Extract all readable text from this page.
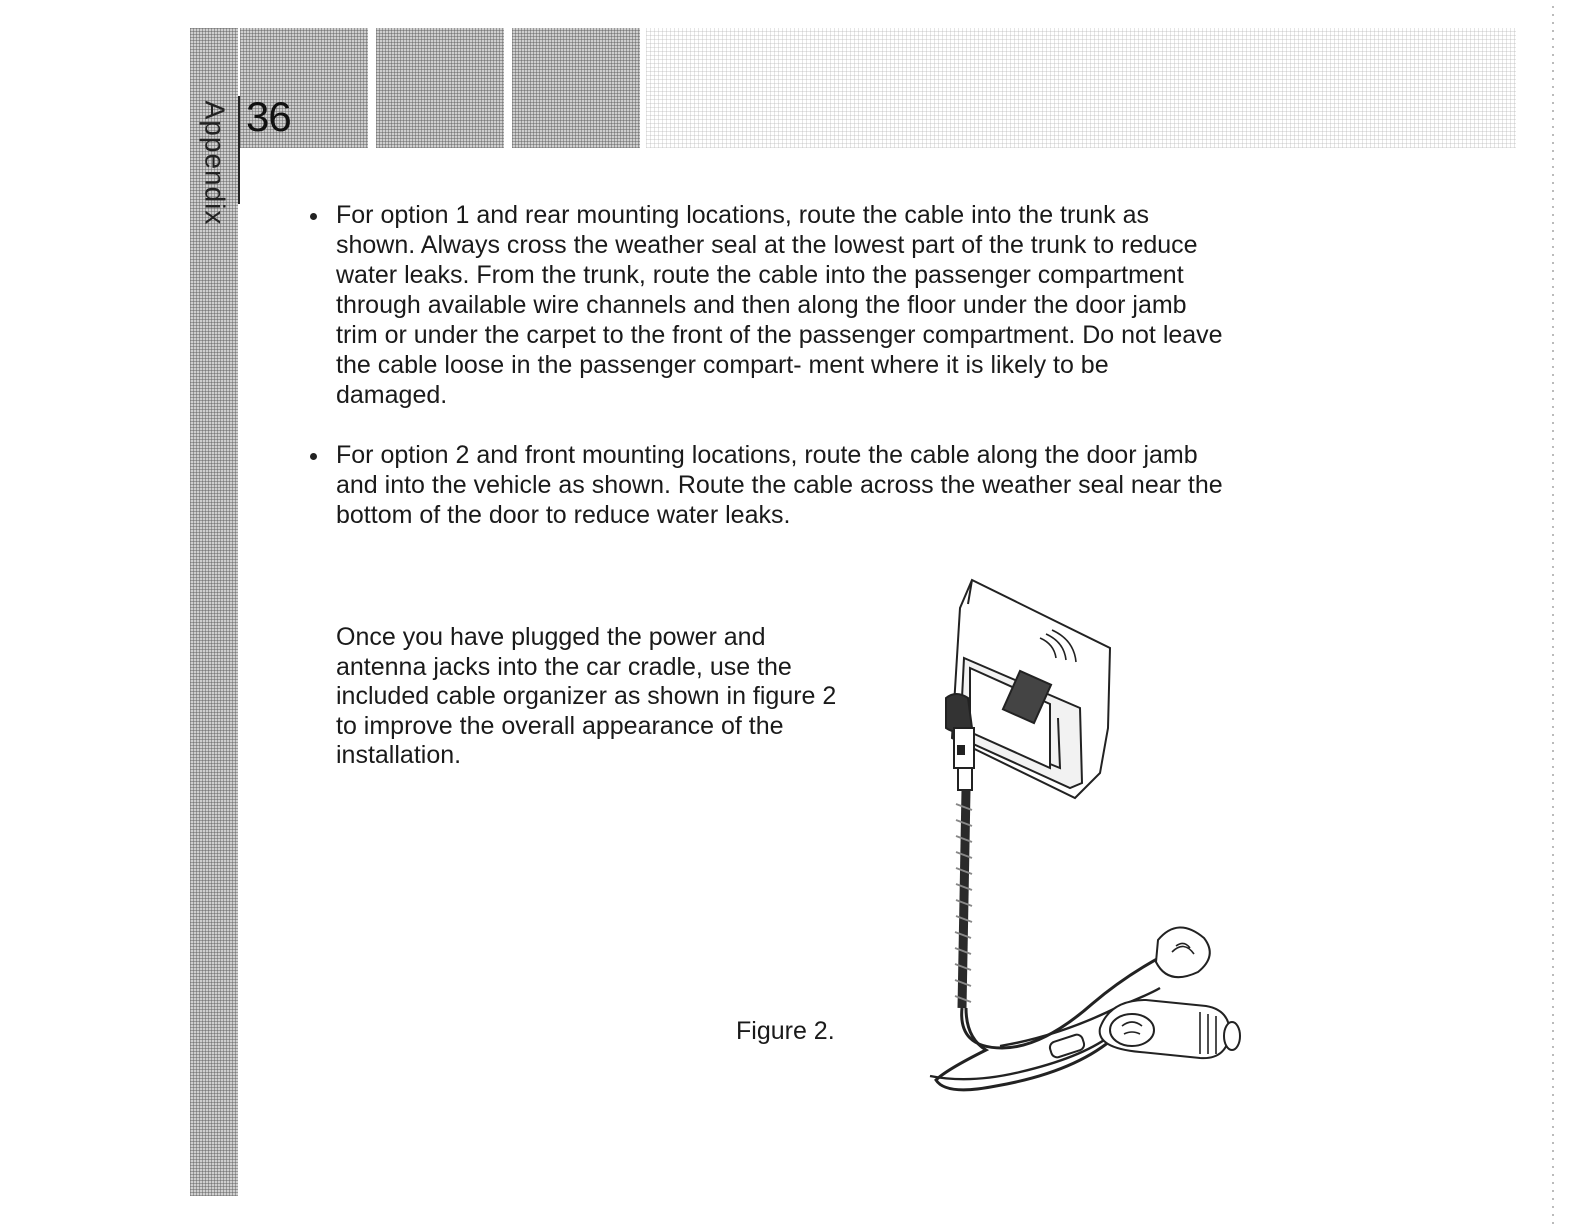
Appendix 36
For option 1 and rear mounting locations, route the cable into the trunk as shown. Always cross the weather seal at the lowest part of the trunk to reduce water leaks. From the trunk, route the cable into the passenger compartment through available wire channels and then along the floor under the door jamb trim or under the carpet to the front of the passenger compartment. Do not leave the cable loose in the passenger compart- ment where it is likely to be damaged.
For option 2 and front mounting locations, route the cable along the door jamb and into the vehicle as shown. Route the cable across the weather seal near the bottom of the door to reduce water leaks.

Once you have plugged the power and antenna jacks into the car cradle, use the included cable organizer as shown in figure 2 to improve the overall appearance of the installation.

Figure 2.
